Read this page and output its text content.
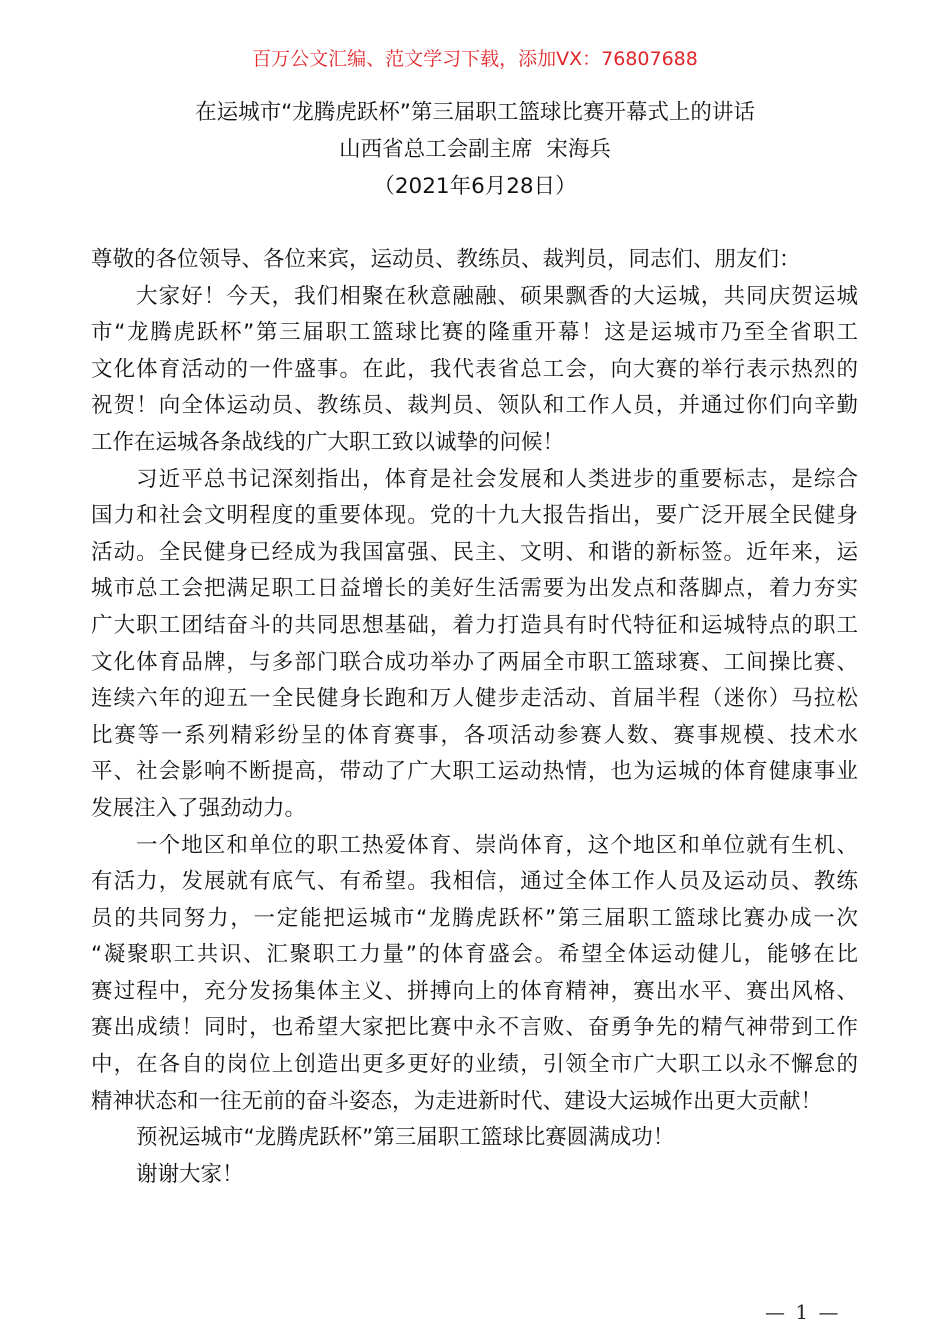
百万公文汇编、范文学习下载，添加VX：76807688
在运城市“龙腾虎跃杯”第三届职工篮球比赛开幕式上的讲话
山西省总工会副主席  宋海兵
（2021年6月28日）
尊敬的各位领导、各位来宾，运动员、教练员、裁判员，同志们、朋友们：
大家好！今天，我们相聚在秋意融融、硕果飘香的大运城，共同庆贺运城
市“龙腾虎跃杯”第三届职工篮球比赛的隆重开幕！这是运城市乃至全省职工
文化体育活动的一件盛事。在此，我代表省总工会，向大赛的举行表示热烈的
祝贺！向全体运动员、教练员、裁判员、领队和工作人员，并通过你们向辛勤
工作在运城各条战线的广大职工致以诚挚的问候！
习近平总书记深刻指出，体育是社会发展和人类进步的重要标志，是综合
国力和社会文明程度的重要体现。党的十九大报告指出，要广泛开展全民健身
活动。全民健身已经成为我国富强、民主、文明、和谐的新标签。近年来，运
城市总工会把满足职工日益增长的美好生活需要为出发点和落脚点，着力夯实
广大职工团结奋斗的共同思想基础，着力打造具有时代特征和运城特点的职工
文化体育品牌，与多部门联合成功举办了两届全市职工篮球赛、工间操比赛、
连续六年的迎五一全民健身长跑和万人健步走活动、首届半程（迷你）马拉松
比赛等一系列精彩纷呈的体育赛事，各项活动参赛人数、赛事规模、技术水
平、社会影响不断提高，带动了广大职工运动热情，也为运城的体育健康事业
发展注入了强劲动力。
一个地区和单位的职工热爱体育、崇尚体育，这个地区和单位就有生机、
有活力，发展就有底气、有希望。我相信，通过全体工作人员及运动员、教练
员的共同努力，一定能把运城市“龙腾虎跃杯”第三届职工篮球比赛办成一次
“凝聚职工共识、汇聚职工力量”的体育盛会。希望全体运动健儿，能够在比
赛过程中，充分发扬集体主义、拼搏向上的体育精神，赛出水平、赛出风格、
赛出成绩！同时，也希望大家把比赛中永不言败、奋勇争先的精气神带到工作
中，在各自的岗位上创造出更多更好的业绩，引领全市广大职工以永不懈怠的
精神状态和一往无前的奋斗姿态，为走进新时代、建设大运城作出更大贡献！
预祝运城市“龙腾虎跃杯”第三届职工篮球比赛圆满成功！
谢谢大家！
— 1 —
